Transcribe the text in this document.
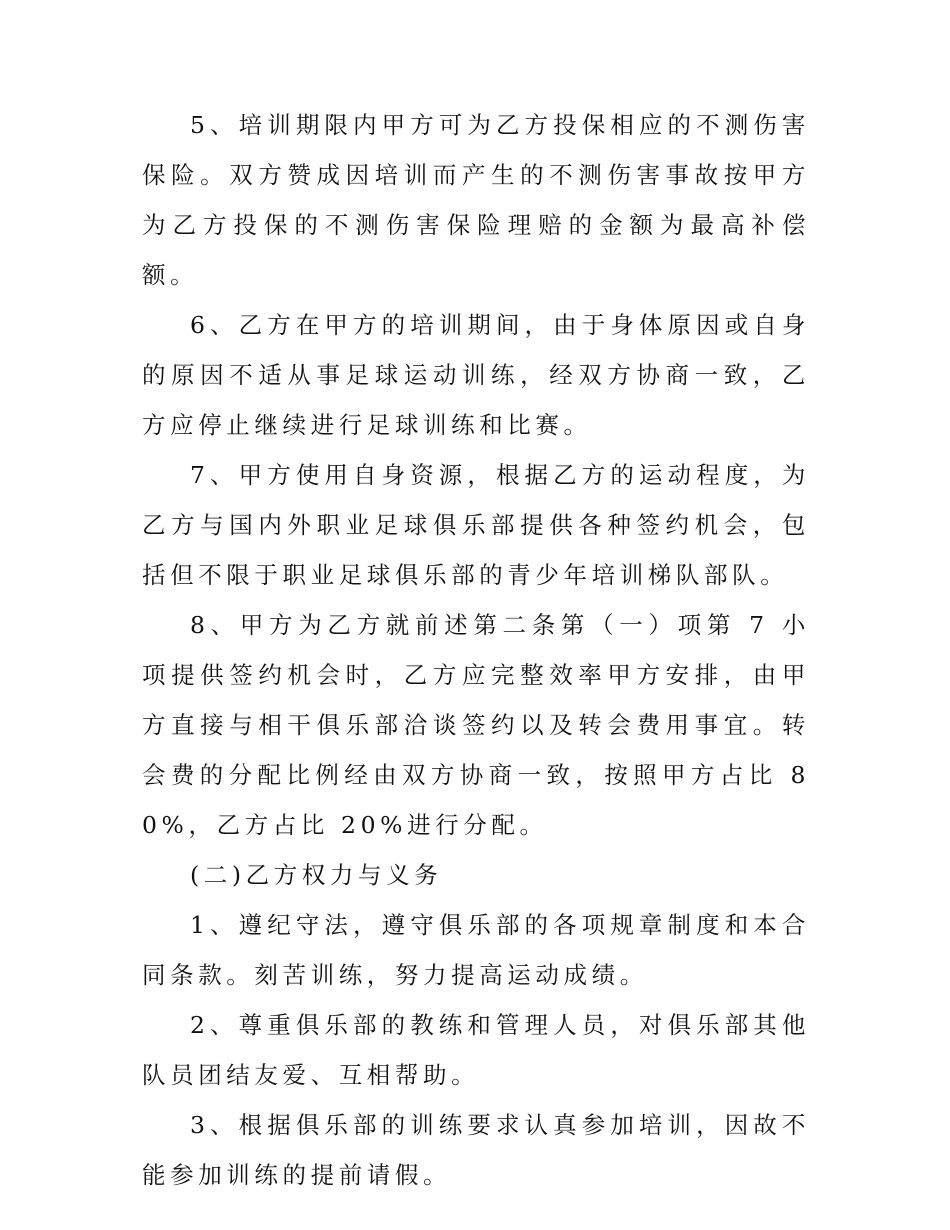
5、培训期限内甲方可为乙方投保相应的不测伤害保险。双方赞成因培训而产生的不测伤害事故按甲方为乙方投保的不测伤害保险理赔的金额为最高补偿额。

6、乙方在甲方的培训期间，由于身体原因或自身的原因不适从事足球运动训练，经双方协商一致，乙方应停止继续进行足球训练和比赛。

7、甲方使用自身资源，根据乙方的运动程度，为乙方与国内外职业足球俱乐部提供各种签约机会，包括但不限于职业足球俱乐部的青少年培训梯队部队。

8、甲方为乙方就前述第二条第（一）项第 7 小项提供签约机会时，乙方应完整效率甲方安排，由甲方直接与相干俱乐部洽谈签约以及转会费用事宜。转会费的分配比例经由双方协商一致，按照甲方占比 80%，乙方占比 20%进行分配。

(二)乙方权力与义务

1、遵纪守法，遵守俱乐部的各项规章制度和本合同条款。刻苦训练，努力提高运动成绩。

2、尊重俱乐部的教练和管理人员，对俱乐部其他队员团结友爱、互相帮助。

3、根据俱乐部的训练要求认真参加培训，因故不能参加训练的提前请假。
